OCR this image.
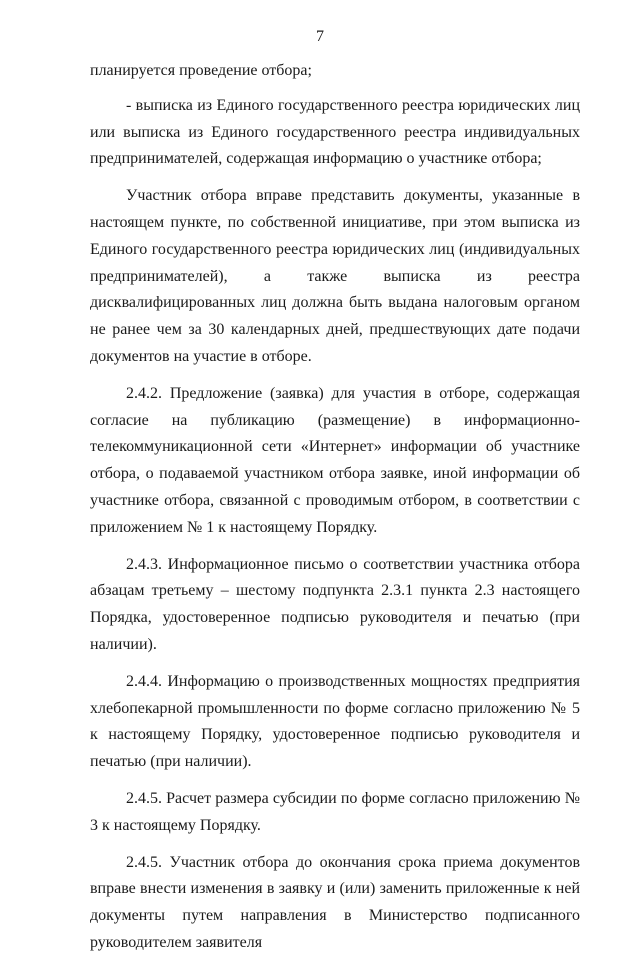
7

планируется проведение отбора;

- выписка из Единого государственного реестра юридических лиц или выписка из Единого государственного реестра индивидуальных предпринимателей, содержащая информацию о участнике отбора;

Участник отбора вправе представить документы, указанные в настоящем пункте, по собственной инициативе, при этом выписка из Единого государственного реестра юридических лиц (индивидуальных предпринимателей), а также выписка из реестра дисквалифицированных лиц должна быть выдана налоговым органом не ранее чем за 30 календарных дней, предшествующих дате подачи документов на участие в отборе.

2.4.2. Предложение (заявка) для участия в отборе, содержащая согласие на публикацию (размещение) в информационно-телекоммуникационной сети «Интернет» информации об участнике отбора, о подаваемой участником отбора заявке, иной информации об участнике отбора, связанной с проводимым отбором, в соответствии с приложением № 1 к настоящему Порядку.

2.4.3. Информационное письмо о соответствии участника отбора абзацам третьему – шестому подпункта 2.3.1 пункта 2.3 настоящего Порядка, удостоверенное подписью руководителя и печатью (при наличии).

2.4.4. Информацию о производственных мощностях предприятия хлебопекарной промышленности по форме согласно приложению № 5 к настоящему Порядку, удостоверенное подписью руководителя и печатью (при наличии).

2.4.5. Расчет размера субсидии по форме согласно приложению № 3 к настоящему Порядку.

2.4.5. Участник отбора до окончания срока приема документов вправе внести изменения в заявку и (или) заменить приложенные к ней документы путем направления в Министерство подписанного руководителем заявителя
